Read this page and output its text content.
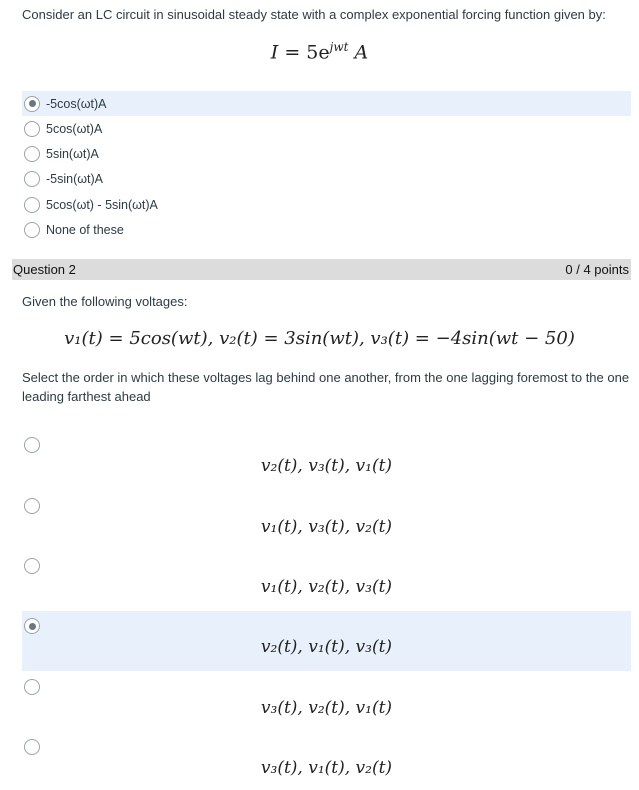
Consider an LC circuit in sinusoidal steady state with a complex exponential forcing function given by:
$I = 5e^{jwt}$ A
-5cos(ωt)A
5cos(ωt)A
5sin(ωt)A
-5sin(ωt)A
5cos(ωt) - 5sin(ωt)A
None of these
Question 2	0 / 4 points
Given the following voltages:
v₁(t) = 5cos(wt), v₂(t) = 3sin(wt), v₃(t) = −4sin(wt − 50)
Select the order in which these voltages lag behind one another, from the one lagging foremost to the one leading farthest ahead
v₂(t), v₃(t), v₁(t)
v₁(t), v₃(t), v₂(t)
v₁(t), v₂(t), v₃(t)
v₂(t), v₁(t), v₃(t)
v₃(t), v₂(t), v₁(t)
v₃(t), v₁(t), v₂(t)
